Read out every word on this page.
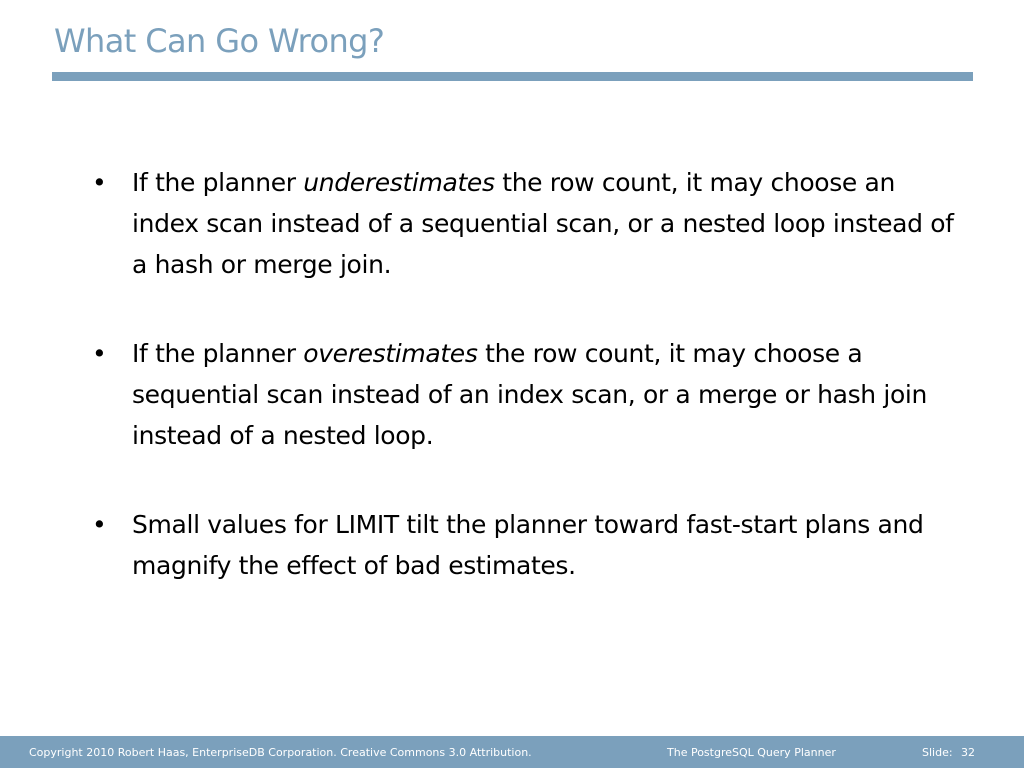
What Can Go Wrong?
• If the planner underestimates the row count, it may choose an index scan instead of a sequential scan, or a nested loop instead of a hash or merge join.
• If the planner overestimates the row count, it may choose a sequential scan instead of an index scan, or a merge or hash join instead of a nested loop.
• Small values for LIMIT tilt the planner toward fast-start plans and magnify the effect of bad estimates.
Copyright 2010 Robert Haas, EnterpriseDB Corporation. Creative Commons 3.0 Attribution.	The PostgreSQL Query Planner	Slide: 32
